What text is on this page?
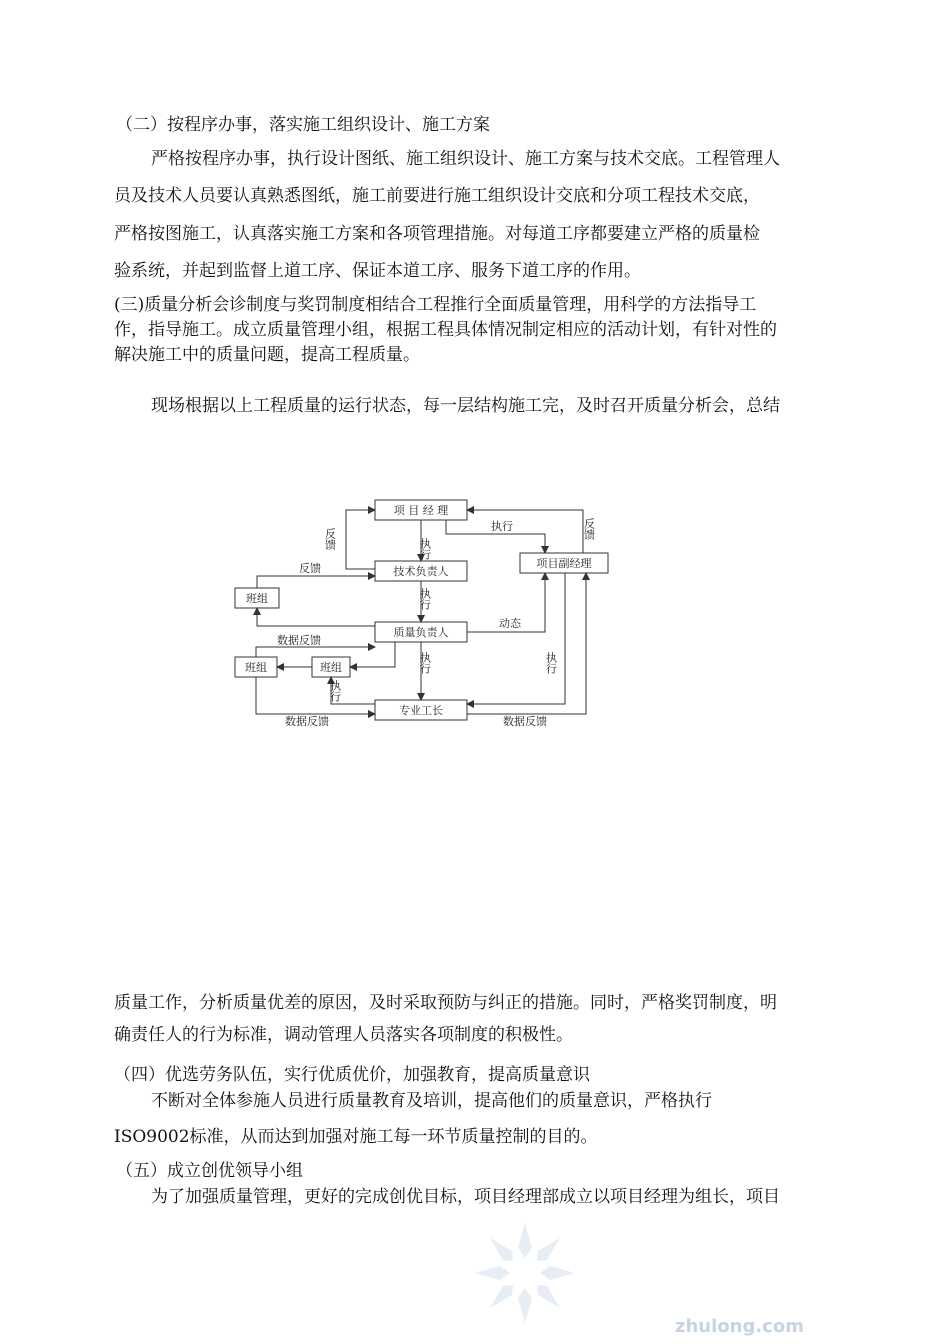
（二）按程序办事，落实施工组织设计、施工方案
严格按程序办事，执行设计图纸、施工组织设计、施工方案与技术交底。工程管理人
员及技术人员要认真熟悉图纸，施工前要进行施工组织设计交底和分项工程技术交底，
严格按图施工，认真落实施工方案和各项管理措施。对每道工序都要建立严格的质量检
验系统，并起到监督上道工序、保证本道工序、服务下道工序的作用。
(三)质量分析会诊制度与奖罚制度相结合工程推行全面质量管理，用科学的方法指导工
作，指导施工。成立质量管理小组，根据工程具体情况制定相应的活动计划，有针对性的
解决施工中的质量问题，提高工程质量。
现场根据以上工程质量的运行状态，每一层结构施工完，及时召开质量分析会，总结
项 目 经 理
技术负责人
质量负责人
专业工长
项目副经理
班组
班组	班组
执行
反馈
执行	反馈
反馈
执行
动态
执行
数据反馈
执行
数据反馈
执行
数据反馈
质量工作，分析质量优差的原因，及时采取预防与纠正的措施。同时，严格奖罚制度，明
确责任人的行为标准，调动管理人员落实各项制度的积极性。
（四）优选劳务队伍，实行优质优价，加强教育，提高质量意识
不断对全体参施人员进行质量教育及培训，提高他们的质量意识，严格执行
ISO9002标准，从而达到加强对施工每一环节质量控制的目的。
（五）成立创优领导小组
为了加强质量管理，更好的完成创优目标，项目经理部成立以项目经理为组长，项目
zhulong.com
